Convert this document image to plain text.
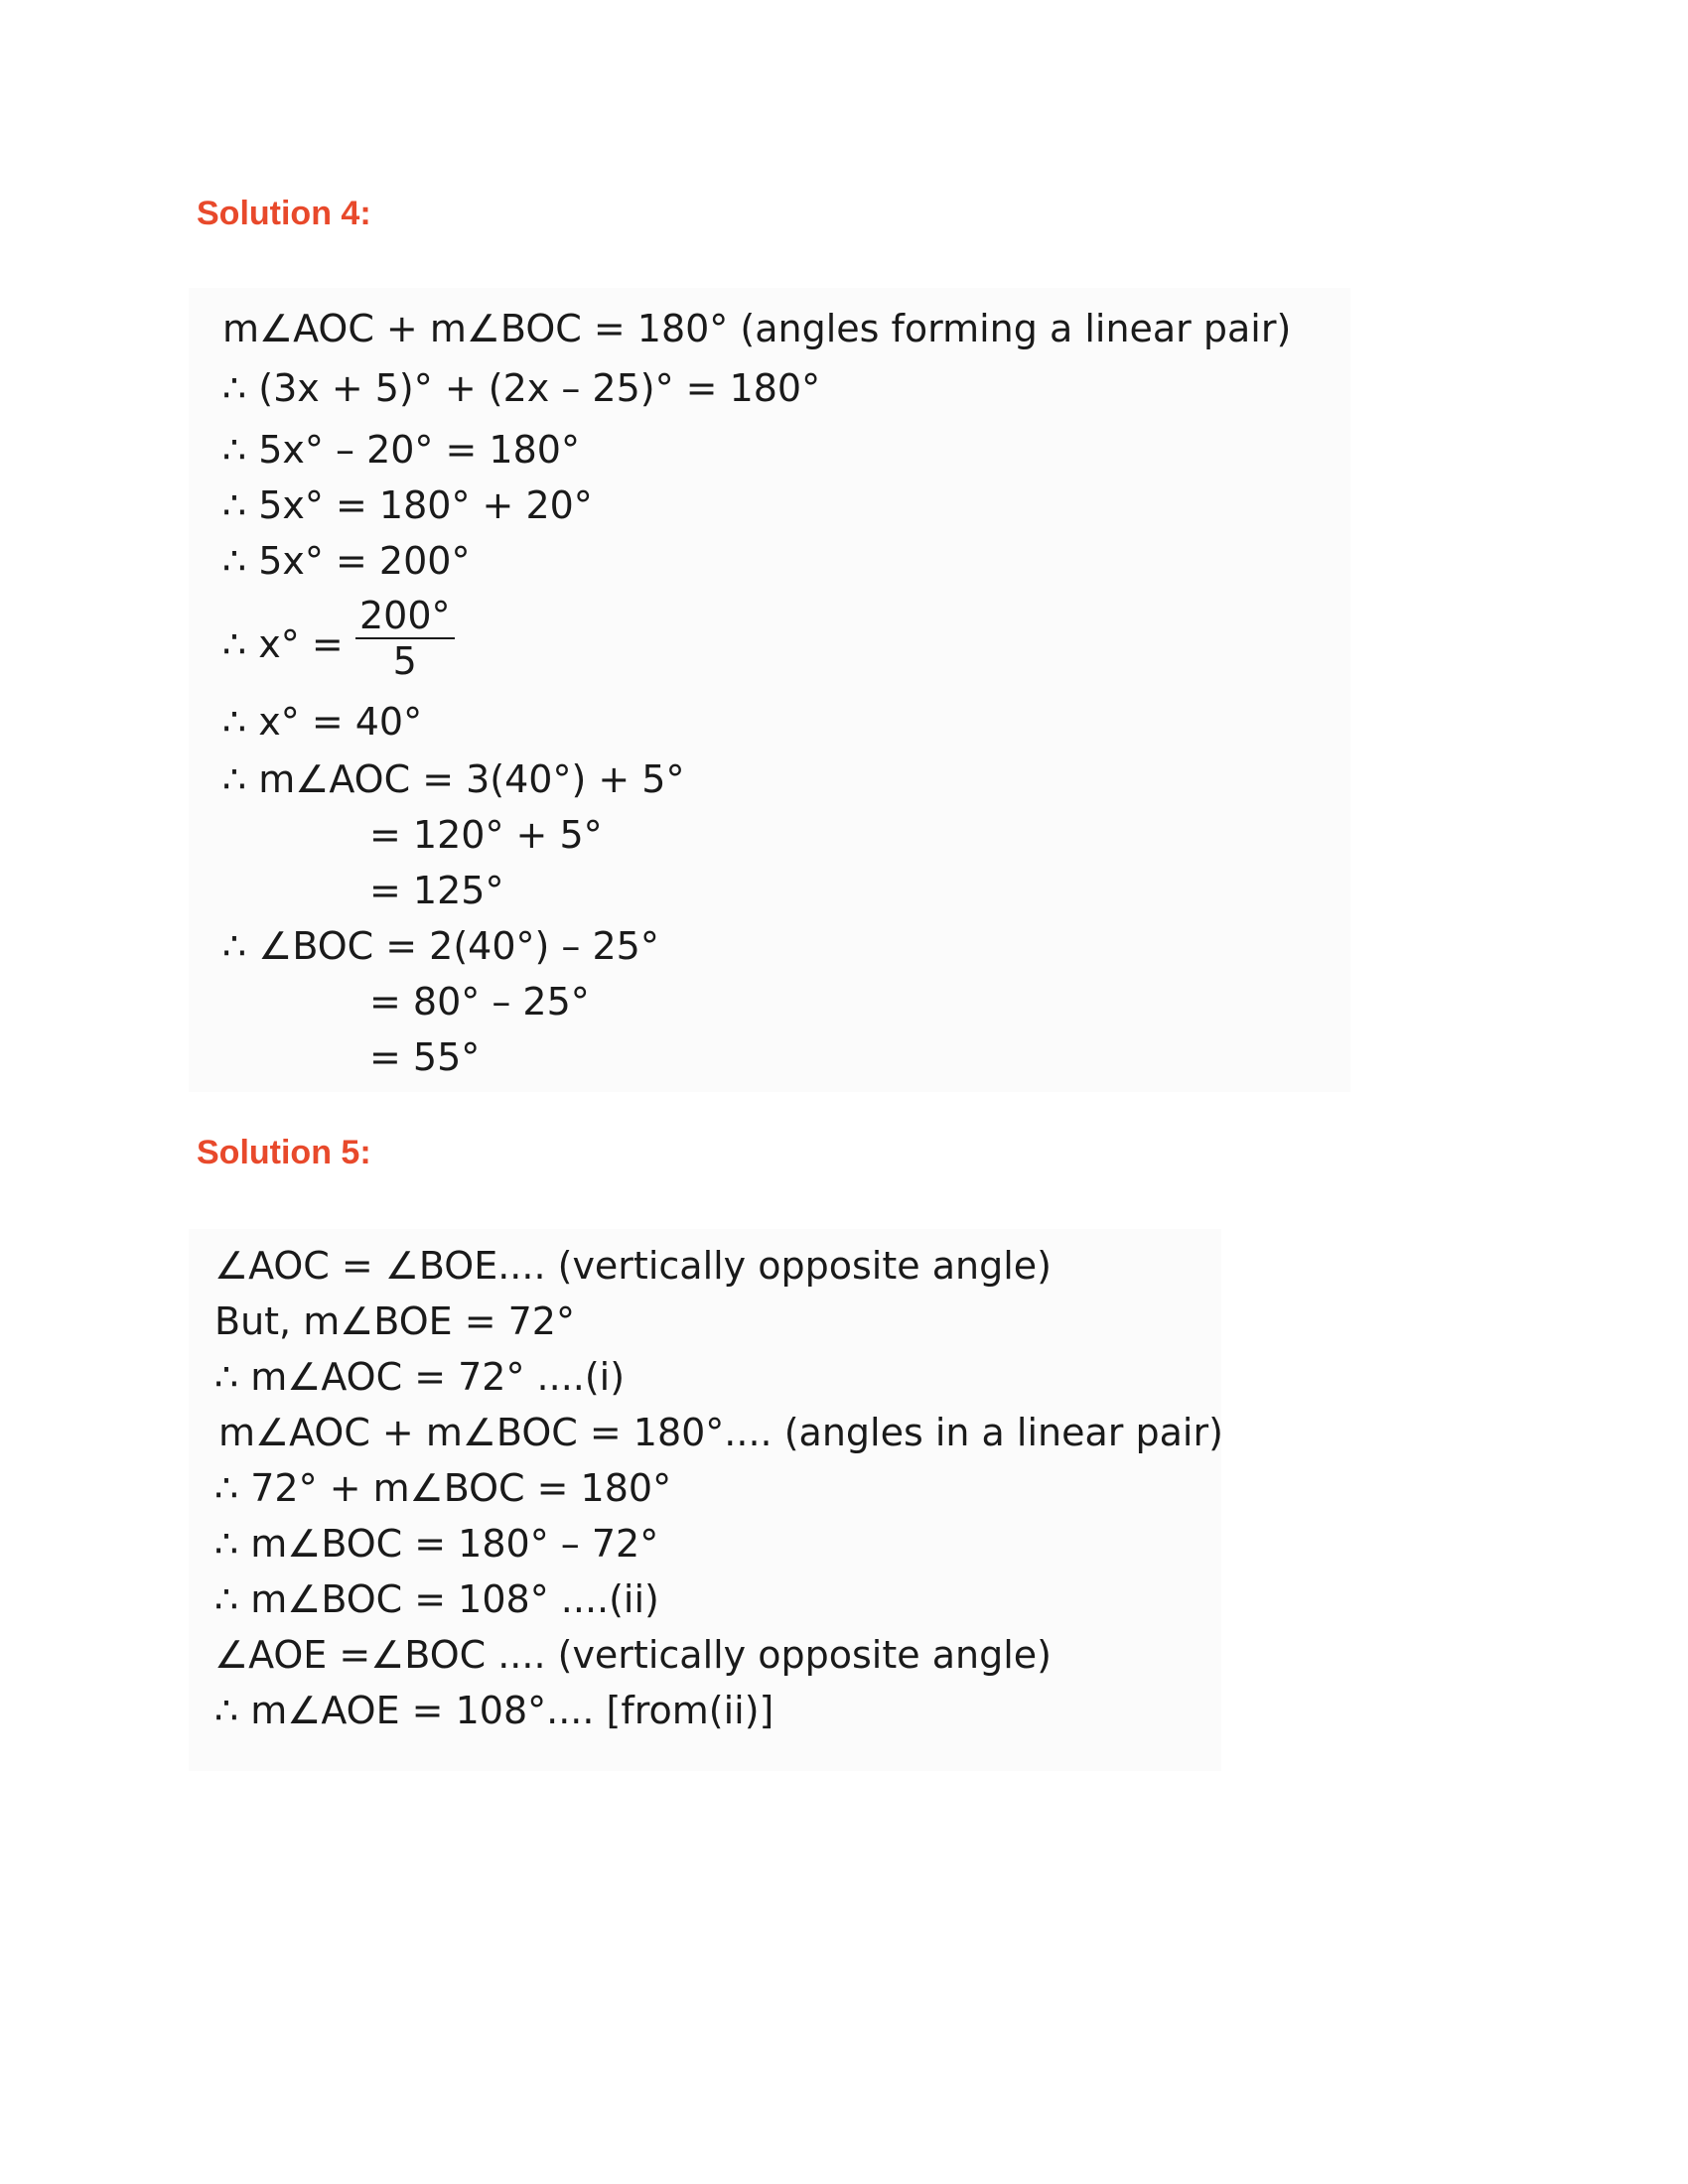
Solution 4:
m∠AOC + m∠BOC = 180° (angles forming a linear pair)
∴ (3x + 5)° + (2x – 25)° = 180°
∴ 5x° – 20° = 180°
∴ 5x° = 180° + 20°
∴ 5x° = 200°
∴ $x^\circ = \frac{200^\circ}{5}$
∴ x° = 40°
∴ m∠AOC = 3(40°) + 5°
= 120° + 5°
= 125°
∴ ∠BOC = 2(40°) – 25°
= 80° – 25°
= 55°
Solution 5:
∠AOC = ∠BOE.... (vertically opposite angle)
But, m∠BOE = 72°
∴ m∠AOC = 72° ....(i)
m∠AOC + m∠BOC = 180°.... (angles in a linear pair)
∴ 72° + m∠BOC = 180°
∴ m∠BOC = 180° – 72°
∴ m∠BOC = 108° ....(ii)
∠AOE =∠BOC .... (vertically opposite angle)
∴ m∠AOE = 108°.... [from(ii)]
